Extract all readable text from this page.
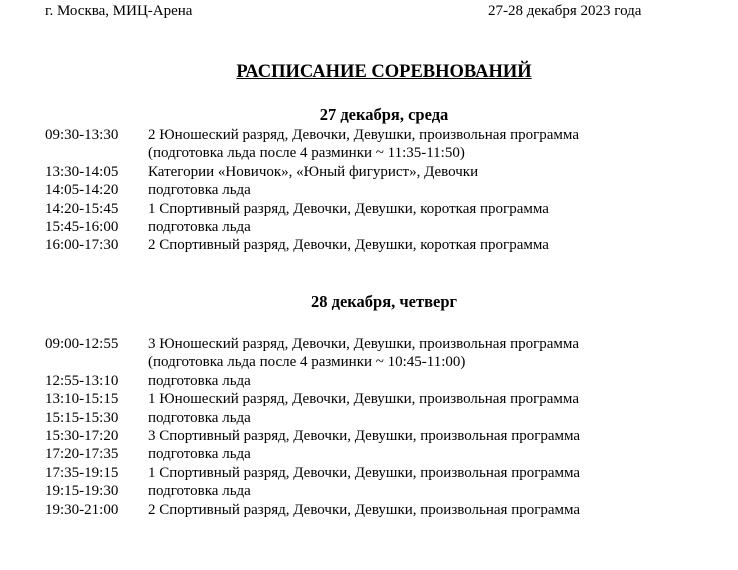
г. Москва, МИЦ-Арена	27-28 декабря 2023 года
РАСПИСАНИЕ СОРЕВНОВАНИЙ
27 декабря, среда
09:30-13:30	2 Юношеский разряд, Девочки, Девушки, произвольная программа
(подготовка льда после 4 разминки ~ 11:35-11:50)
13:30-14:05	Категории «Новичок», «Юный фигурист», Девочки
14:05-14:20	подготовка льда
14:20-15:45	1 Спортивный разряд, Девочки, Девушки, короткая программа
15:45-16:00	подготовка льда
16:00-17:30	2 Спортивный разряд, Девочки, Девушки, короткая программа
28 декабря, четверг
09:00-12:55	3 Юношеский разряд, Девочки, Девушки, произвольная программа
(подготовка льда после 4 разминки ~ 10:45-11:00)
12:55-13:10	подготовка льда
13:10-15:15	1 Юношеский разряд, Девочки, Девушки, произвольная программа
15:15-15:30	подготовка льда
15:30-17:20	3 Спортивный разряд, Девочки, Девушки, произвольная программа
17:20-17:35	подготовка льда
17:35-19:15	1 Спортивный разряд, Девочки, Девушки, произвольная программа
19:15-19:30	подготовка льда
19:30-21:00	2 Спортивный разряд, Девочки, Девушки, произвольная программа
